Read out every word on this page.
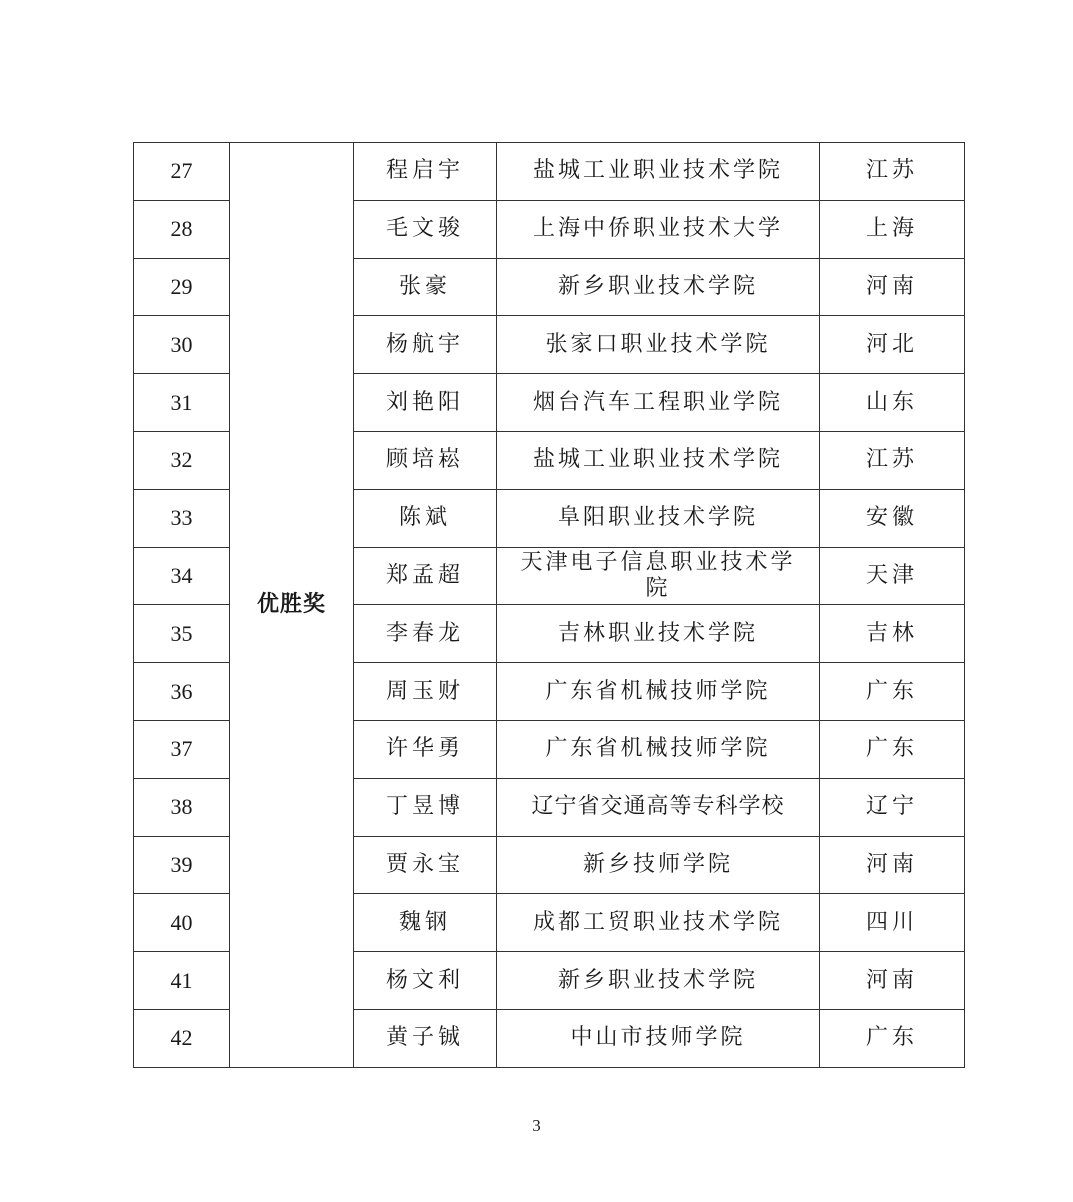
27	优胜奖	程启宇	盐城工业职业技术学院	江苏
28		毛文骏	上海中侨职业技术大学	上海
29		张豪	新乡职业技术学院	河南
30		杨航宇	张家口职业技术学院	河北
31		刘艳阳	烟台汽车工程职业学院	山东
32		顾培崧	盐城工业职业技术学院	江苏
33		陈斌	阜阳职业技术学院	安徽
34		郑孟超	天津电子信息职业技术学院	天津
35		李春龙	吉林职业技术学院	吉林
36		周玉财	广东省机械技师学院	广东
37		许华勇	广东省机械技师学院	广东
38		丁昱博	辽宁省交通高等专科学校	辽宁
39		贾永宝	新乡技师学院	河南
40		魏钢	成都工贸职业技术学院	四川
41		杨文利	新乡职业技术学院	河南
42		黄子铖	中山市技师学院	广东
3
